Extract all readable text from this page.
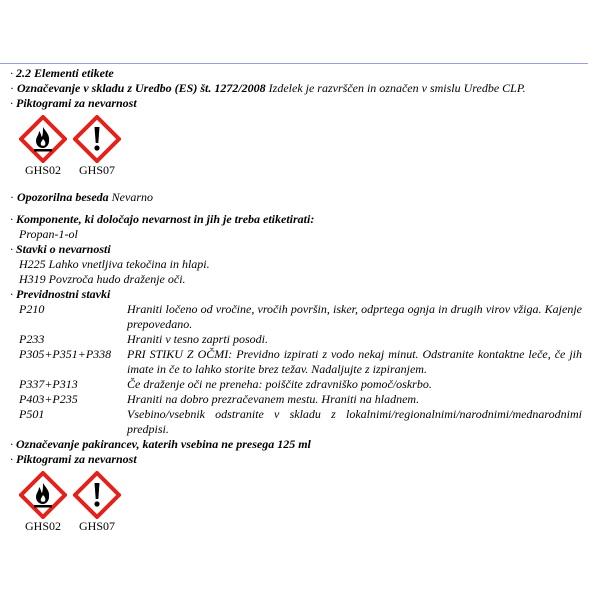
· 2.2 Elementi etikete
· Označevanje v skladu z Uredbo (ES) št. 1272/2008 Izdelek je razvrščen in označen v smislu Uredbe CLP.
· Piktogrami za nevarnost
GHS02	GHS07
· Opozorilna beseda Nevarno
· Komponente, ki določajo nevarnost in jih je treba etiketirati:
Propan-1-ol
· Stavki o nevarnosti
H225 Lahko vnetljiva tekočina in hlapi.
H319 Povzroča hudo draženje oči.
· Previdnostni stavki
P210	Hraniti ločeno od vročine, vročih površin, isker, odprtega ognja in drugih virov vžiga. Kajenje prepovedano.
P233	Hraniti v tesno zaprti posodi.
P305+P351+P338	PRI STIKU Z OČMI: Previdno izpirati z vodo nekaj minut. Odstranite kontaktne leče, če jih imate in če to lahko storite brez težav. Nadaljujte z izpiranjem.
P337+P313	Če draženje oči ne preneha: poiščite zdravniško pomoč/oskrbo.
P403+P235	Hraniti na dobro prezračevanem mestu. Hraniti na hladnem.
P501	Vsebino/vsebnik odstranite v skladu z lokalnimi/regionalnimi/narodnimi/mednarodnimi predpisi.
· Označevanje pakirancev, katerih vsebina ne presega 125 ml
· Piktogrami za nevarnost
GHS02	GHS07
